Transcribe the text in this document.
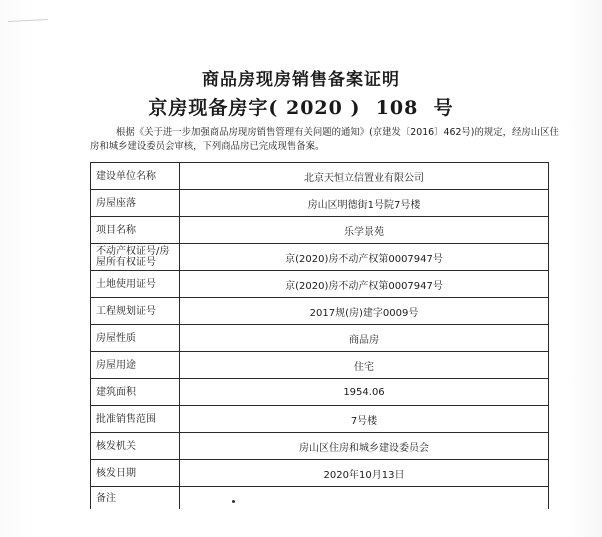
商品房现房销售备案证明
京房现备房字( 2020 )  108  号
根据《关于进一步加强商品房现房销售管理有关问题的通知》(京建发〔2016〕462号)的规定，经房山区住房和城乡建设委员会审核，下列商品房已完成现售备案。
建设单位名称	北京天恒立信置业有限公司
房屋座落	房山区明德街1号院7号楼
项目名称	乐学景苑
不动产权证号/房屋所有权证号	京(2020)房不动产权第0007947号
土地使用证号	京(2020)房不动产权第0007947号
工程规划证号	2017规(房)建字0009号
房屋性质	商品房
房屋用途	住宅
建筑面积	1954.06
批准销售范围	7号楼
核发机关	房山区住房和城乡建设委员会
核发日期	2020年10月13日
备注	
